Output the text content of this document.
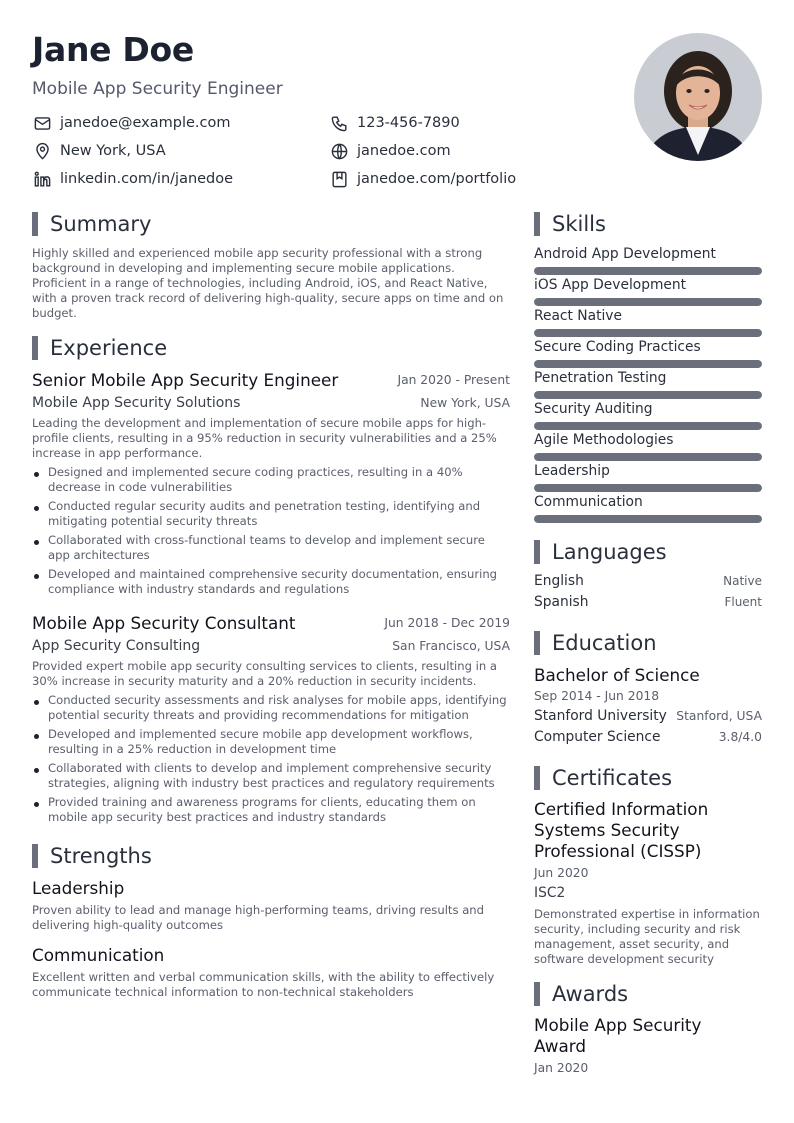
Jane Doe
Mobile App Security Engineer
janedoe@example.com	123-456-7890
New York, USA	janedoe.com
linkedin.com/in/janedoe	janedoe.com/portfolio
Summary
Highly skilled and experienced mobile app security professional with a strong background in developing and implementing secure mobile applications. Proficient in a range of technologies, including Android, iOS, and React Native, with a proven track record of delivering high-quality, secure apps on time and on budget.
Experience
Senior Mobile App Security Engineer	Jan 2020 - Present
Mobile App Security Solutions	New York, USA
Leading the development and implementation of secure mobile apps for high-profile clients, resulting in a 95% reduction in security vulnerabilities and a 25% increase in app performance.
Designed and implemented secure coding practices, resulting in a 40% decrease in code vulnerabilities
Conducted regular security audits and penetration testing, identifying and mitigating potential security threats
Collaborated with cross-functional teams to develop and implement secure app architectures
Developed and maintained comprehensive security documentation, ensuring compliance with industry standards and regulations
Mobile App Security Consultant	Jun 2018 - Dec 2019
App Security Consulting	San Francisco, USA
Provided expert mobile app security consulting services to clients, resulting in a 30% increase in security maturity and a 20% reduction in security incidents.
Conducted security assessments and risk analyses for mobile apps, identifying potential security threats and providing recommendations for mitigation
Developed and implemented secure mobile app development workflows, resulting in a 25% reduction in development time
Collaborated with clients to develop and implement comprehensive security strategies, aligning with industry best practices and regulatory requirements
Provided training and awareness programs for clients, educating them on mobile app security best practices and industry standards
Strengths
Leadership
Proven ability to lead and manage high-performing teams, driving results and delivering high-quality outcomes
Communication
Excellent written and verbal communication skills, with the ability to effectively communicate technical information to non-technical stakeholders
Skills
Android App Development
iOS App Development
React Native
Secure Coding Practices
Penetration Testing
Security Auditing
Agile Methodologies
Leadership
Communication
Languages
English	Native
Spanish	Fluent
Education
Bachelor of Science
Sep 2014 - Jun 2018
Stanford University Stanford, USA
Computer Science	3.8/4.0
Certificates
Certified Information Systems Security Professional (CISSP)
Jun 2020
ISC2
Demonstrated expertise in information security, including security and risk management, asset security, and software development security
Awards
Mobile App Security Award
Jan 2020
